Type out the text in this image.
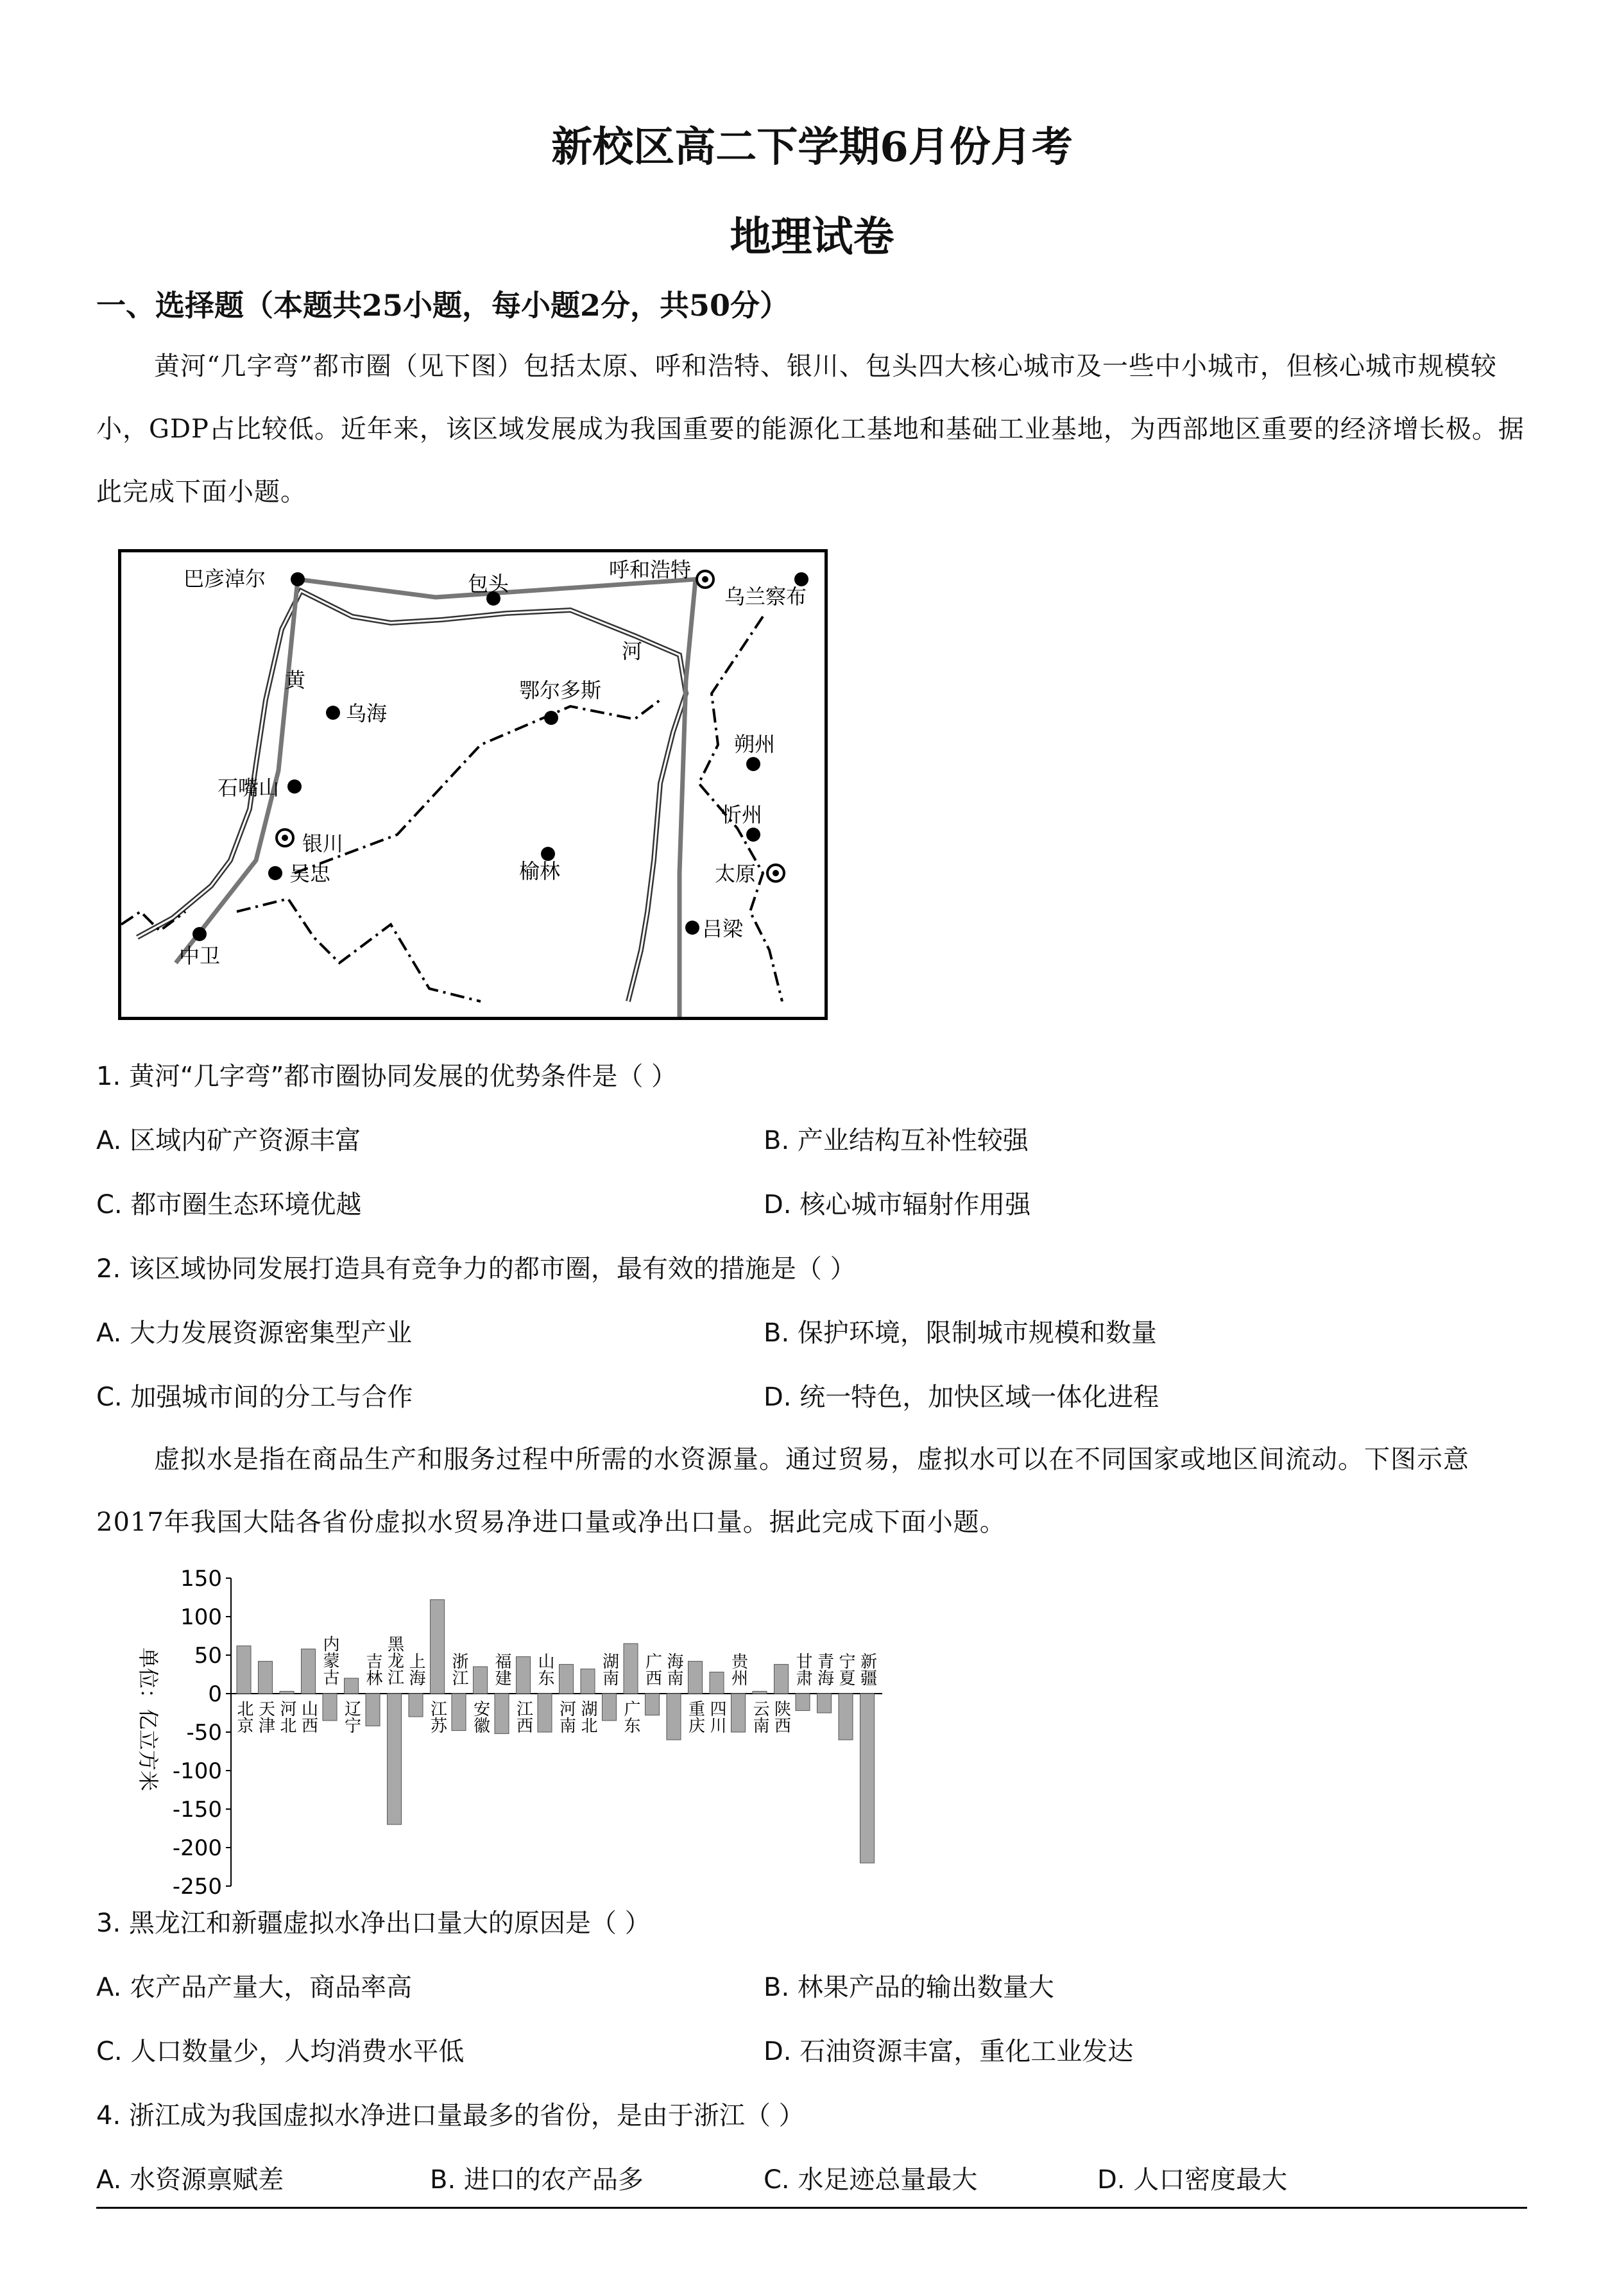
新校区高二下学期6月份月考
地理试卷
一、选择题（本题共25小题，每小题2分，共50分）
黄河“几字弯”都市圈（见下图）包括太原、呼和浩特、银川、包头四大核心城市及一些中小城市，但核心城市规模较小，GDP占比较低。近年来，该区域发展成为我国重要的能源化工基地和基础工业基地，为西部地区重要的经济增长极。据此完成下面小题。
巴彦淖尔	包头
呼和浩特
乌兰察布
乌海
鄂尔多斯
石嘴山
银川
吴忠
中卫
榆林
朔州
忻州
太原
吕梁
黄
河
1. 黄河“几字弯”都市圈协同发展的优势条件是（ ）
A. 区域内矿产资源丰富	B. 产业结构互补性较强
C. 都市圈生态环境优越	D. 核心城市辐射作用强
2. 该区域协同发展打造具有竞争力的都市圈，最有效的措施是（ ）
A. 大力发展资源密集型产业	B. 保护环境，限制城市规模和数量
C. 加强城市间的分工与合作	D. 统一特色，加快区域一体化进程
虚拟水是指在商品生产和服务过程中所需的水资源量。通过贸易，虚拟水可以在不同国家或地区间流动。下图示意2017年我国大陆各省份虚拟水贸易净进口量或净出口量。据此完成下面小题。
150
100
50
0
-50
-100
-150
-200
-250
单位：亿立方米	北京 天津 河北 山西
内蒙古
辽宁
吉林 黑龙江 上海
江苏
浙江
安徽
福建
江西
山东
河南 湖北
湖南
广东
广西 海南
重庆 四川
贵州
云南 陕西
甘肃 青海 宁夏 新疆
3. 黑龙江和新疆虚拟水净出口量大的原因是（ ）
A. 农产品产量大，商品率高	B. 林果产品的输出数量大
C. 人口数量少，人均消费水平低	D. 石油资源丰富，重化工业发达
4. 浙江成为我国虚拟水净进口量最多的省份，是由于浙江（ ）
A. 水资源禀赋差	B. 进口的农产品多	C. 水足迹总量最大	D. 人口密度最大
